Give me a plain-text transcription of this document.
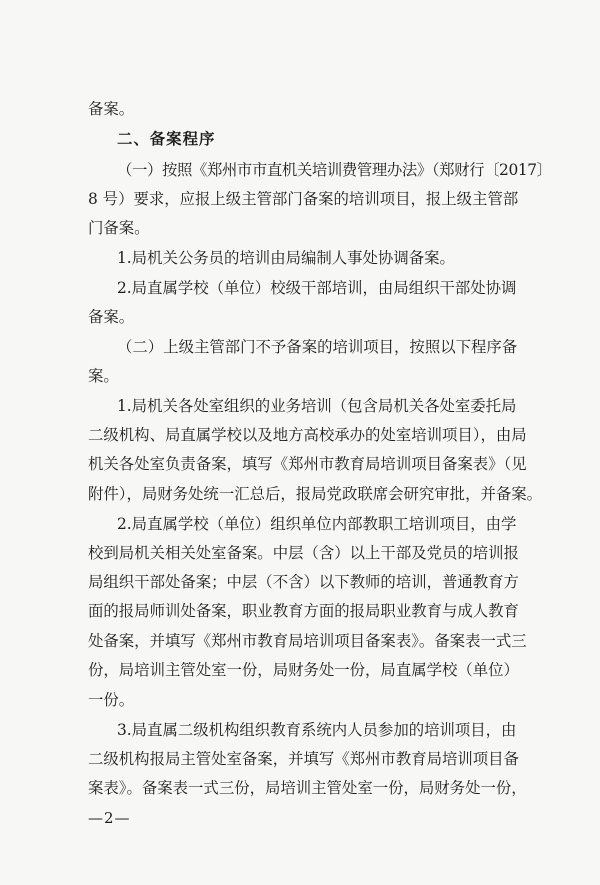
备案。

二、备案程序

（一）按照《郑州市市直机关培训费管理办法》（郑财行〔2017〕

8 号）要求，应报上级主管部门备案的培训项目，报上级主管部

门备案。

1.局机关公务员的培训由局编制人事处协调备案。

2.局直属学校（单位）校级干部培训，由局组织干部处协调

备案。

（二）上级主管部门不予备案的培训项目，按照以下程序备

案。

1.局机关各处室组织的业务培训（包含局机关各处室委托局

二级机构、局直属学校以及地方高校承办的处室培训项目），由局

机关各处室负责备案，填写《郑州市教育局培训项目备案表》（见

附件），局财务处统一汇总后，报局党政联席会研究审批，并备案。

2.局直属学校（单位）组织单位内部教职工培训项目，由学

校到局机关相关处室备案。中层（含）以上干部及党员的培训报

局组织干部处备案；中层（不含）以下教师的培训，普通教育方

面的报局师训处备案，职业教育方面的报局职业教育与成人教育

处备案，并填写《郑州市教育局培训项目备案表》。备案表一式三

份，局培训主管处室一份，局财务处一份，局直属学校（单位）

一份。

3.局直属二级机构组织教育系统内人员参加的培训项目，由

二级机构报局主管处室备案，并填写《郑州市教育局培训项目备

案表》。备案表一式三份，局培训主管处室一份，局财务处一份，

—2—
